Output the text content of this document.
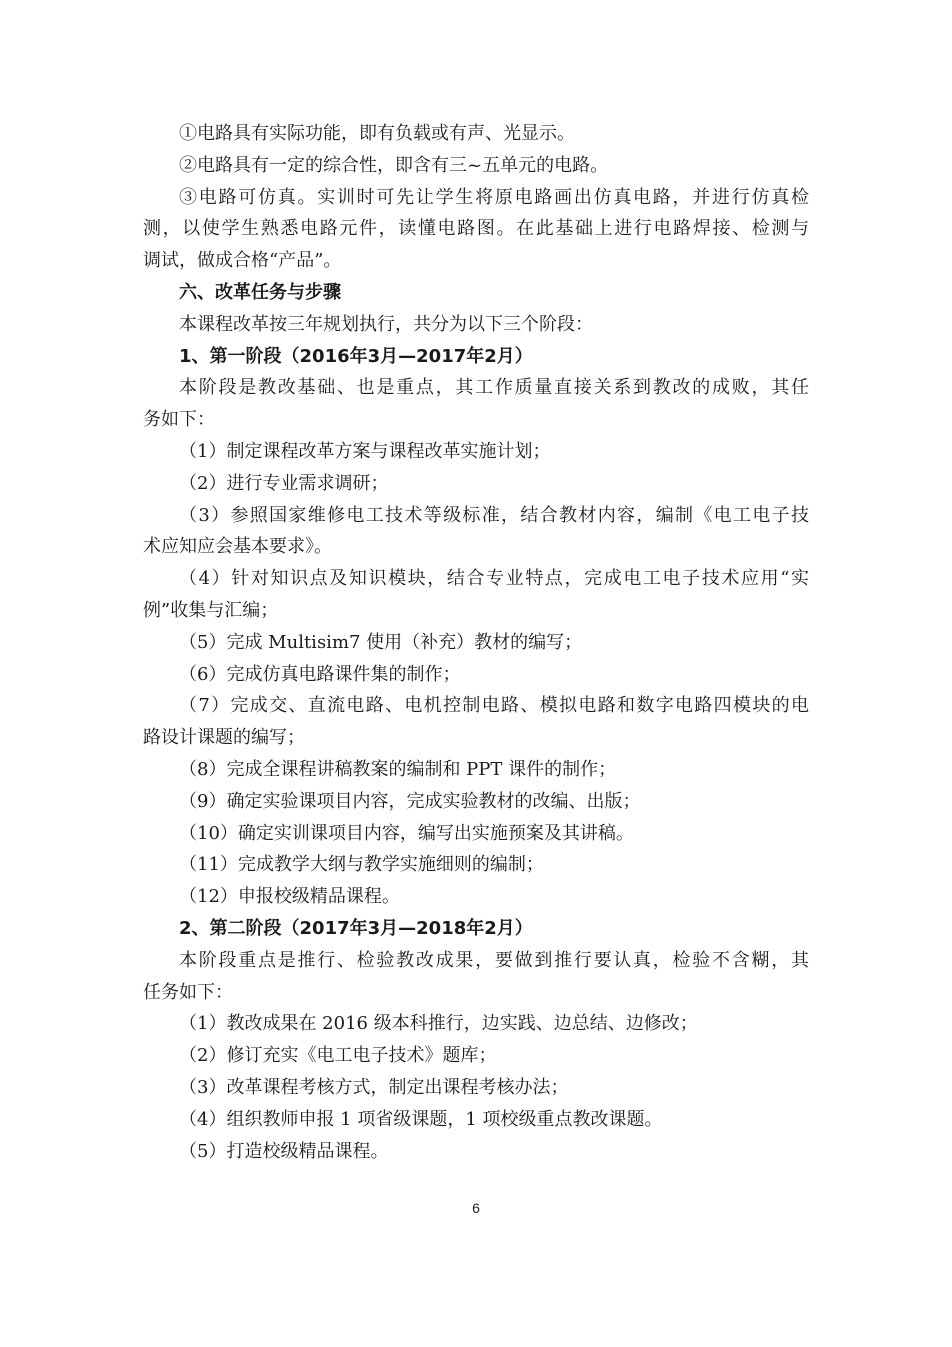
①电路具有实际功能，即有负载或有声、光显示。
②电路具有一定的综合性，即含有三~五单元的电路。
③电路可仿真。实训时可先让学生将原电路画出仿真电路，并进行仿真检
测，以使学生熟悉电路元件，读懂电路图。在此基础上进行电路焊接、检测与
调试，做成合格“产品”。
六、改革任务与步骤
本课程改革按三年规划执行，共分为以下三个阶段：
1、第一阶段（2016年3月—2017年2月）
本阶段是教改基础、也是重点，其工作质量直接关系到教改的成败，其任
务如下：
（1）制定课程改革方案与课程改革实施计划；
（2）进行专业需求调研；
（3）参照国家维修电工技术等级标准，结合教材内容，编制《电工电子技
术应知应会基本要求》。
（4）针对知识点及知识模块，结合专业特点，完成电工电子技术应用“实
例”收集与汇编；
（5）完成 Multisim7 使用（补充）教材的编写；
（6）完成仿真电路课件集的制作；
（7）完成交、直流电路、电机控制电路、模拟电路和数字电路四模块的电
路设计课题的编写；
（8）完成全课程讲稿教案的编制和 PPT 课件的制作；
（9）确定实验课项目内容，完成实验教材的改编、出版；
（10）确定实训课项目内容，编写出实施预案及其讲稿。
（11）完成教学大纲与教学实施细则的编制；
（12）申报校级精品课程。
2、第二阶段（2017年3月—2018年2月）
本阶段重点是推行、检验教改成果，要做到推行要认真，检验不含糊，其
任务如下：
（1）教改成果在 2016 级本科推行，边实践、边总结、边修改；
（2）修订充实《电工电子技术》题库；
（3）改革课程考核方式，制定出课程考核办法；
（4）组织教师申报 1 项省级课题，1 项校级重点教改课题。
（5）打造校级精品课程。
6
